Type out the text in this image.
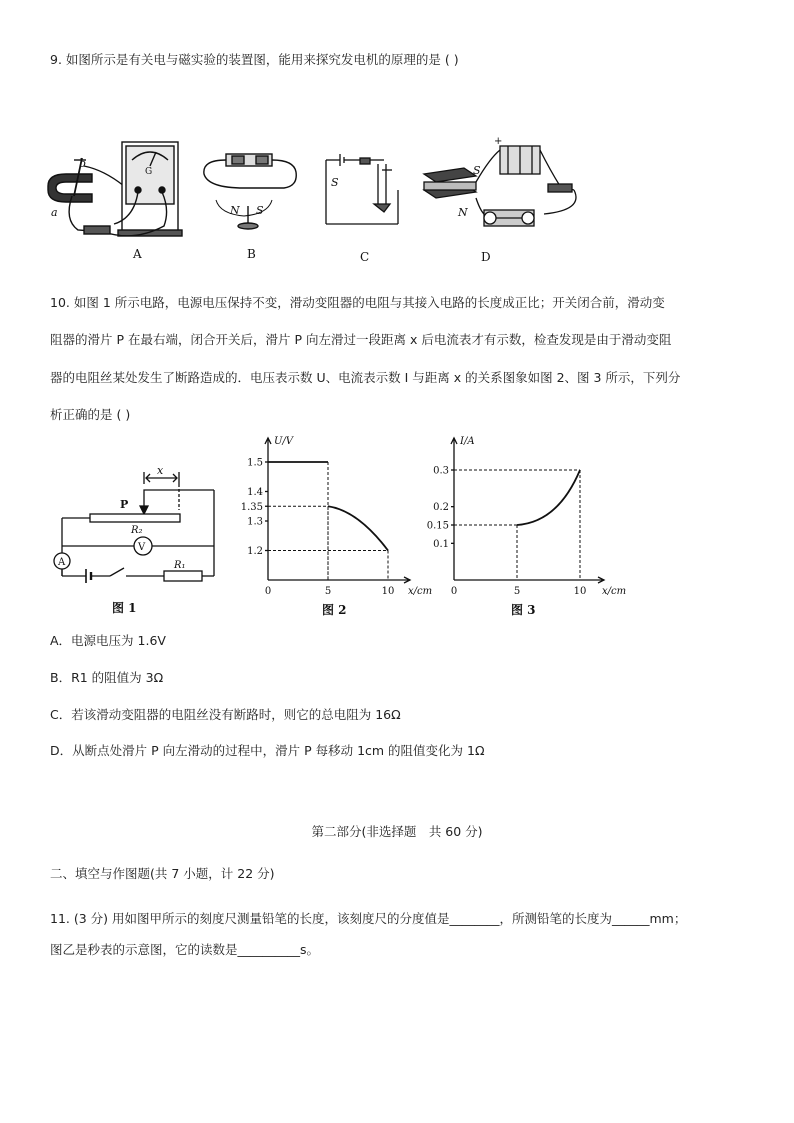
9. 如图所示是有关电与磁实验的装置图，能用来探究发电机的原理的是 ( )
b
a
G
A
N S
B
S
C
S
N
+
D
10. 如图 1 所示电路，电源电压保持不变，滑动变阻器的电阻与其接入电路的长度成正比；开关闭合前，滑动变
阻器的滑片 P 在最右端，闭合开关后，滑片 P 向左滑过一段距离 x 后电流表才有示数，检查发现是由于滑动变阻
器的电阻丝某处发生了断路造成的．电压表示数 U、电流表示数 I 与距离 x 的关系图象如图 2、图 3 所示，下列分
析正确的是 ( )
x
P
R₂
V
A	R₁
图 1
1.2
1.3
1.35
1.4
1.5
0	5	10
U/V
x/cm
图 2
0.1
0.15
0.2
0.3
0	5	10
I/A
x/cm
图 3
A．电源电压为 1.6V
B．R1 的阻值为 3Ω
C．若该滑动变阻器的电阻丝没有断路时，则它的总电阻为 16Ω
D．从断点处滑片 P 向左滑动的过程中，滑片 P 每移动 1cm 的阻值变化为 1Ω
第二部分(非选择题　共 60 分)
二、填空与作图题(共 7 小题，计 22 分)
11. (3 分) 用如图甲所示的刻度尺测量铅笔的长度，该刻度尺的分度值是________，所测铅笔的长度为______mm；
图乙是秒表的示意图，它的读数是__________s。
